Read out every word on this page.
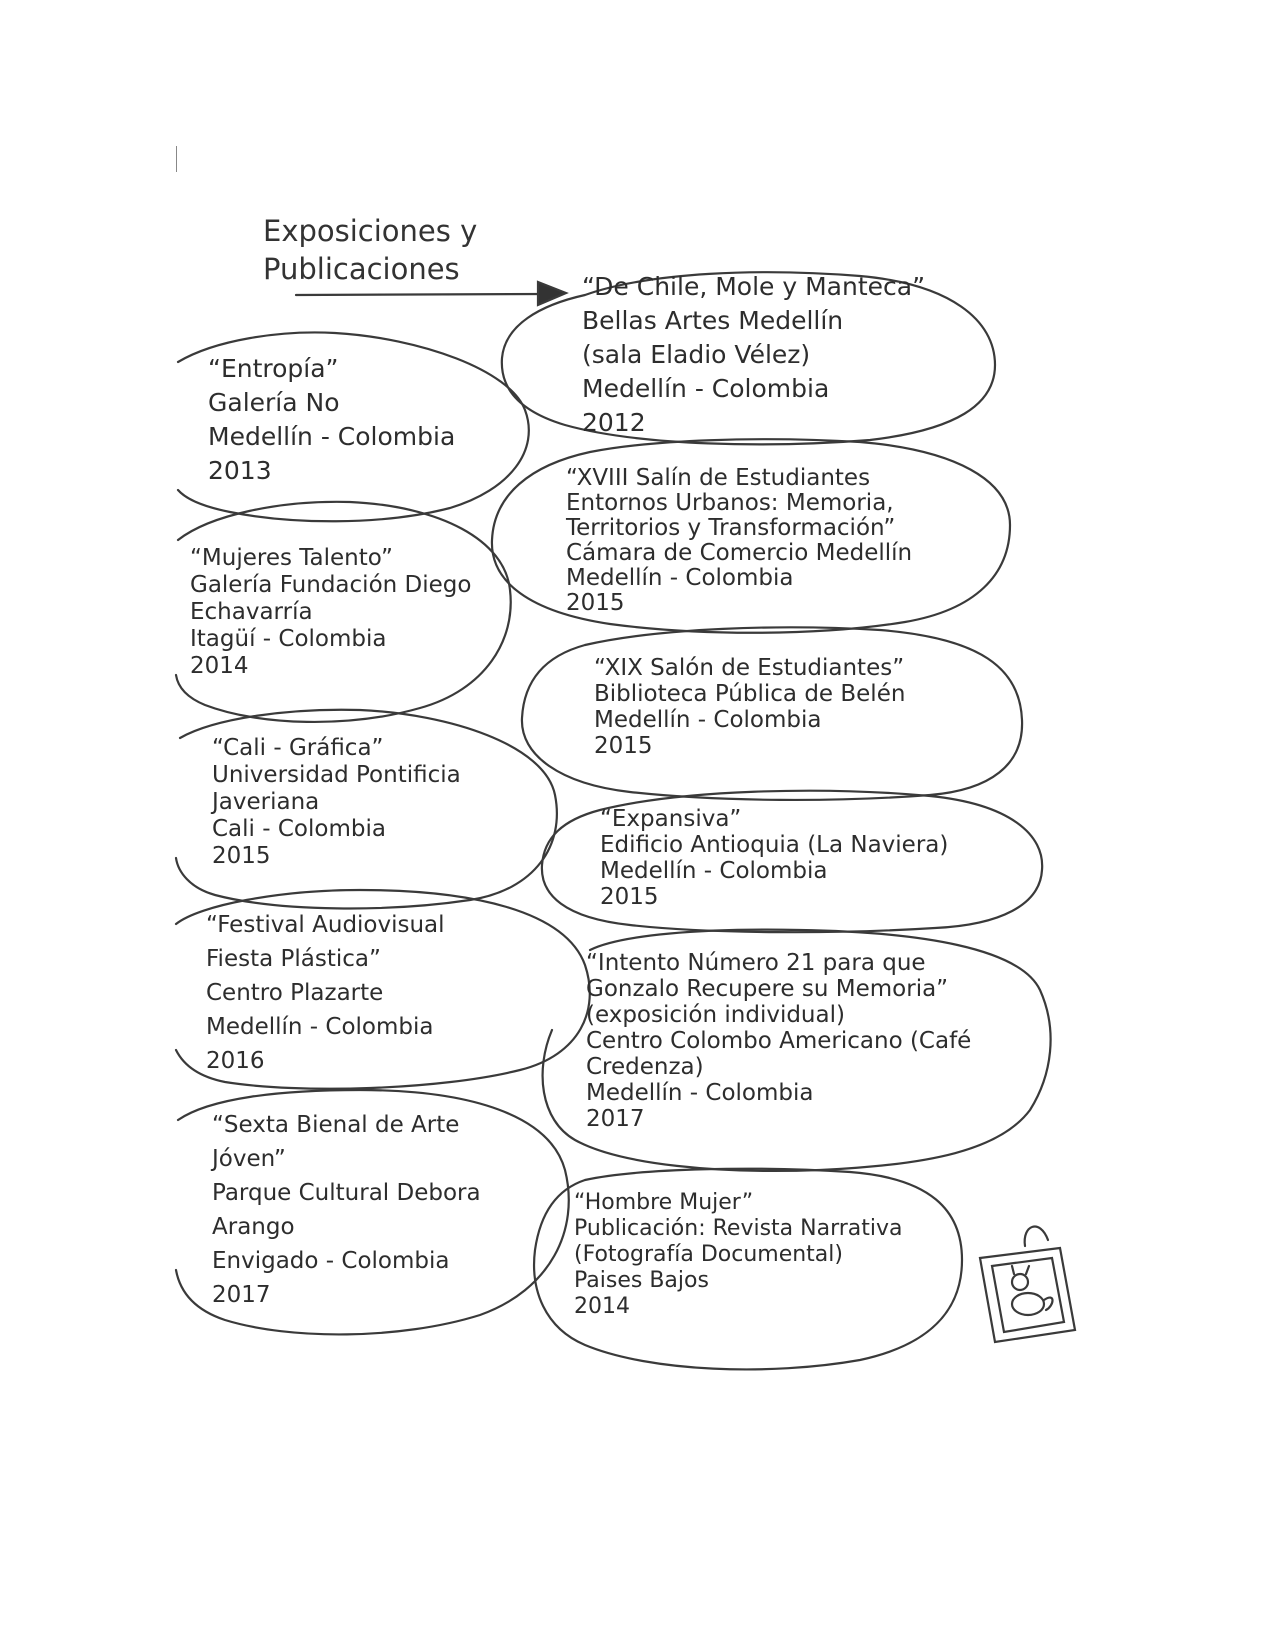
Exposiciones y
Publicaciones
“De Chile, Mole y Manteca”
Bellas Artes Medellín
(sala Eladio Vélez)
Medellín - Colombia
2012
“XVIII Salín de Estudiantes
Entornos Urbanos: Memoria,
Territorios y Transformación”
Cámara de Comercio Medellín
Medellín - Colombia
2015
“XIX Salón de Estudiantes”
Biblioteca Pública de Belén
Medellín - Colombia
2015
“Expansiva”
Edificio Antioquia (La Naviera)
Medellín - Colombia
2015
“Intento Número 21 para que
Gonzalo Recupere su Memoria”
(exposición individual)
Centro Colombo Americano (Café
Credenza)
Medellín - Colombia
2017
“Hombre Mujer”
Publicación: Revista Narrativa
(Fotografía Documental)
Paises Bajos
2014
“Entropía”
Galería No
Medellín - Colombia
2013
“Mujeres Talento”
Galería Fundación Diego
Echavarría
Itagüí - Colombia
2014
“Cali - Gráfica”
Universidad Pontificia
Javeriana
Cali - Colombia
2015
“Festival Audiovisual
Fiesta Plástica”
Centro Plazarte
Medellín - Colombia
2016
“Sexta Bienal de Arte
Jóven”
Parque Cultural Debora
Arango
Envigado - Colombia
2017
